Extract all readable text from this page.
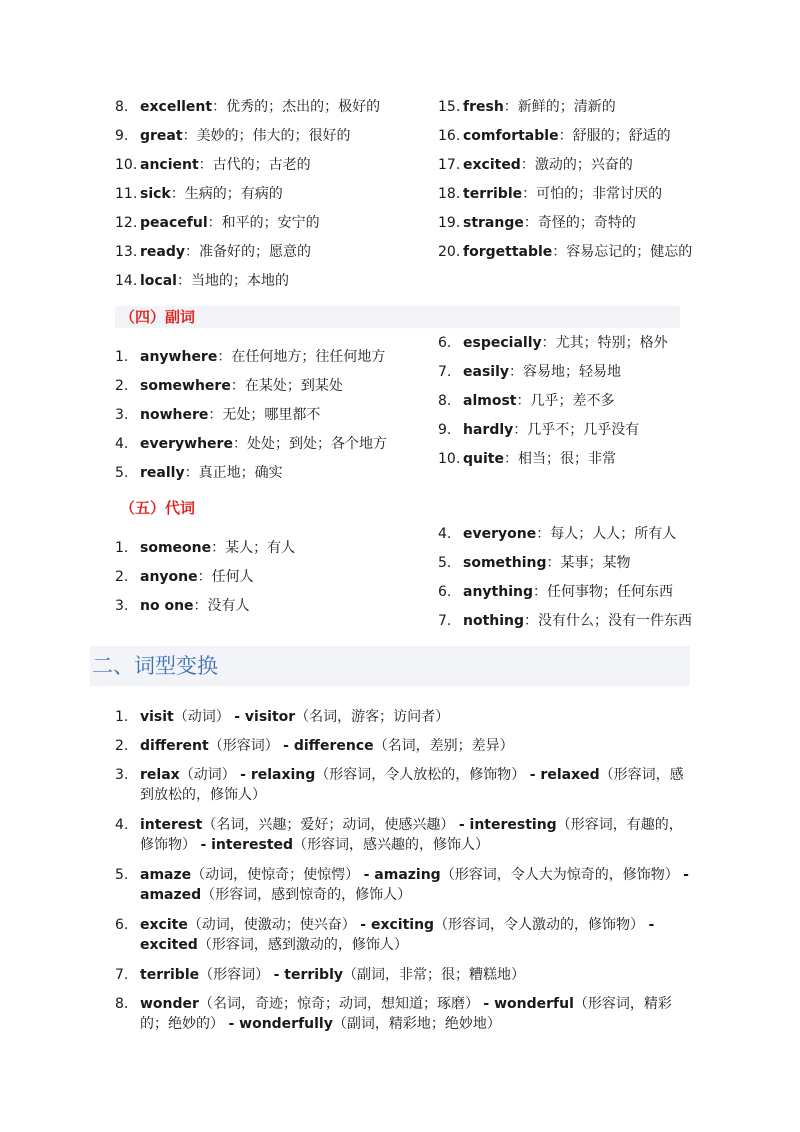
8. excellent：优秀的；杰出的；极好的
9. great：美妙的；伟大的；很好的
10. ancient：古代的；古老的
11. sick：生病的；有病的
12. peaceful：和平的；安宁的
13. ready：准备好的；愿意的
14. local：当地的；本地的
15. fresh：新鲜的；清新的
16. comfortable：舒服的；舒适的
17. excited：激动的；兴奋的
18. terrible：可怕的；非常讨厌的
19. strange：奇怪的；奇特的
20. forgettable：容易忘记的；健忘的
（四）副词
1. anywhere：在任何地方；往任何地方
2. somewhere：在某处；到某处
3. nowhere：无处；哪里都不
4. everywhere：处处；到处；各个地方
5. really：真正地；确实
6. especially：尤其；特别；格外
7. easily：容易地；轻易地
8. almost：几乎；差不多
9. hardly：几乎不；几乎没有
10. quite：相当；很；非常
（五）代词
1. someone：某人；有人
2. anyone：任何人
3. no one：没有人
4. everyone：每人；人人；所有人
5. something：某事；某物
6. anything：任何事物；任何东西
7. nothing：没有什么；没有一件东西
二、词型变换
1. visit（动词） - visitor（名词，游客；访问者）
2. different（形容词） - difference（名词，差别；差异）
3. relax（动词） - relaxing（形容词，令人放松的，修饰物） - relaxed（形容词，感到放松的，修饰人）
4. interest（名词，兴趣；爱好；动词，使感兴趣） - interesting（形容词，有趣的，修饰物） - interested（形容词，感兴趣的，修饰人）
5. amaze（动词，使惊奇；使惊愕） - amazing（形容词，令人大为惊奇的，修饰物） - amazed（形容词，感到惊奇的，修饰人）
6. excite（动词，使激动；使兴奋） - exciting（形容词，令人激动的，修饰物） - excited（形容词，感到激动的，修饰人）
7. terrible（形容词） - terribly（副词，非常；很；糟糕地）
8. wonder（名词，奇迹；惊奇；动词，想知道；琢磨） - wonderful（形容词，精彩的；绝妙的） - wonderfully（副词，精彩地；绝妙地）
